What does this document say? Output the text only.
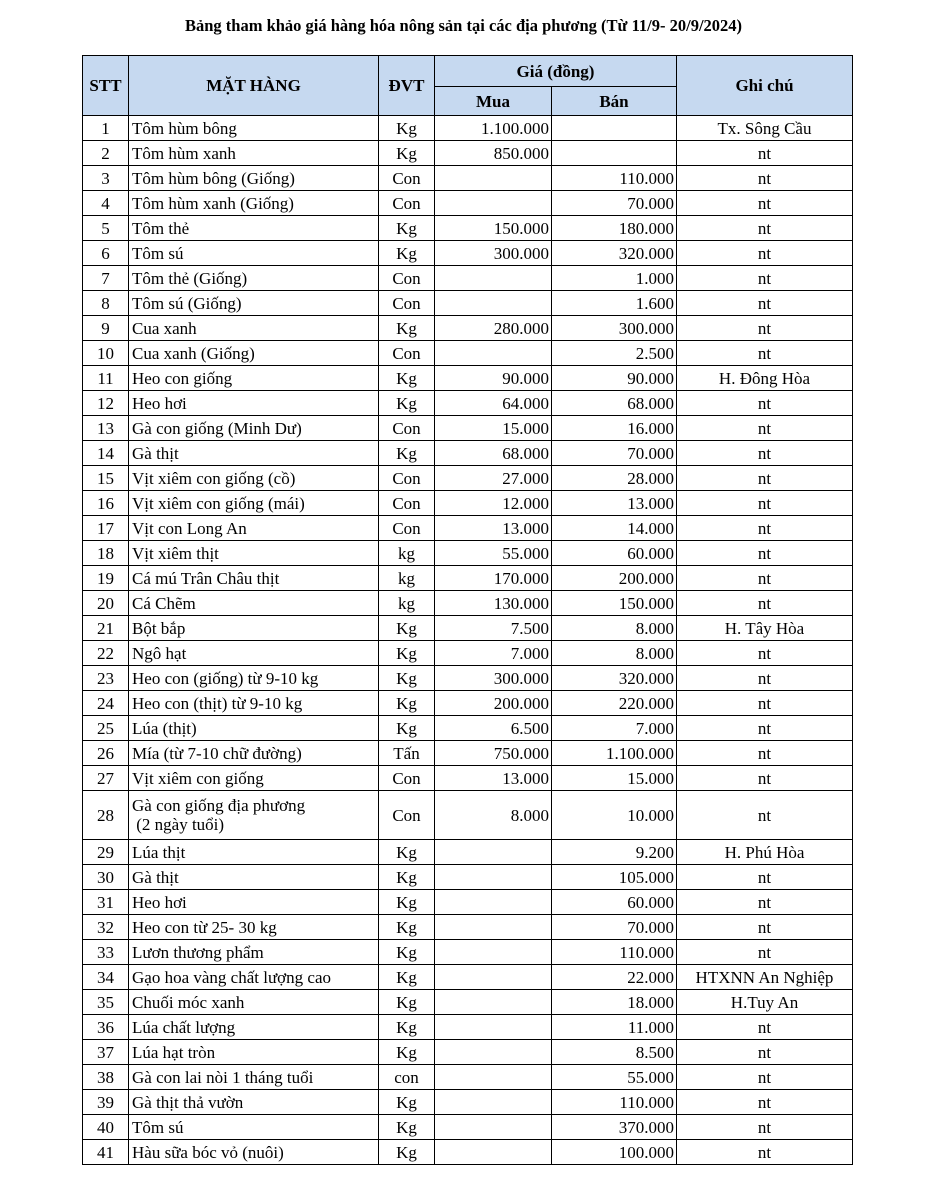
Bảng tham khảo giá hàng hóa nông sản tại các địa phương (Từ 11/9- 20/9/2024)
STT	MẶT HÀNG	ĐVT	Giá (đồng)		Ghi chú
			Mua	Bán	
1	Tôm hùm bông	Kg	1.100.000		Tx. Sông Cầu
2	Tôm hùm xanh	Kg	850.000		nt
3	Tôm hùm bông (Giống)	Con		110.000	nt
4	Tôm hùm xanh (Giống)	Con		70.000	nt
5	Tôm thẻ	Kg	150.000	180.000	nt
6	Tôm sú	Kg	300.000	320.000	nt
7	Tôm thẻ (Giống)	Con		1.000	nt
8	Tôm sú (Giống)	Con		1.600	nt
9	Cua xanh	Kg	280.000	300.000	nt
10	Cua xanh (Giống)	Con		2.500	nt
11	Heo con giống	Kg	90.000	90.000	H. Đông Hòa
12	Heo hơi	Kg	64.000	68.000	nt
13	Gà con giống (Minh Dư)	Con	15.000	16.000	nt
14	Gà thịt	Kg	68.000	70.000	nt
15	Vịt xiêm con giống (cồ)	Con	27.000	28.000	nt
16	Vịt xiêm con giống (mái)	Con	12.000	13.000	nt
17	Vịt con Long An	Con	13.000	14.000	nt
18	Vịt xiêm thịt	kg	55.000	60.000	nt
19	Cá mú Trân Châu thịt	kg	170.000	200.000	nt
20	Cá Chẽm	kg	130.000	150.000	nt
21	Bột bắp	Kg	7.500	8.000	H. Tây Hòa
22	Ngô hạt	Kg	7.000	8.000	nt
23	Heo con (giống) từ 9-10 kg	Kg	300.000	320.000	nt
24	Heo con (thịt) từ 9-10 kg	Kg	200.000	220.000	nt
25	Lúa (thịt)	Kg	6.500	7.000	nt
26	Mía (từ 7-10 chữ đường)	Tấn	750.000	1.100.000	nt
27	Vịt xiêm con giống	Con	13.000	15.000	nt
28	Gà con giống địa phương
(2 ngày tuổi)	Con	8.000	10.000	nt
29	Lúa thịt	Kg		9.200	H. Phú Hòa
30	Gà thịt	Kg		105.000	nt
31	Heo hơi	Kg		60.000	nt
32	Heo con từ 25- 30 kg	Kg		70.000	nt
33	Lươn thương phẩm	Kg		110.000	nt
34	Gạo hoa vàng chất lượng cao	Kg		22.000	HTXNN An Nghiệp
35	Chuối móc xanh	Kg		18.000	H.Tuy An
36	Lúa chất lượng	Kg		11.000	nt
37	Lúa hạt tròn	Kg		8.500	nt
38	Gà con lai nòi 1 tháng tuổi	con		55.000	nt
39	Gà thịt thả vườn	Kg		110.000	nt
40	Tôm sú	Kg		370.000	nt
41	Hàu sữa bóc vỏ (nuôi)	Kg		100.000	nt
